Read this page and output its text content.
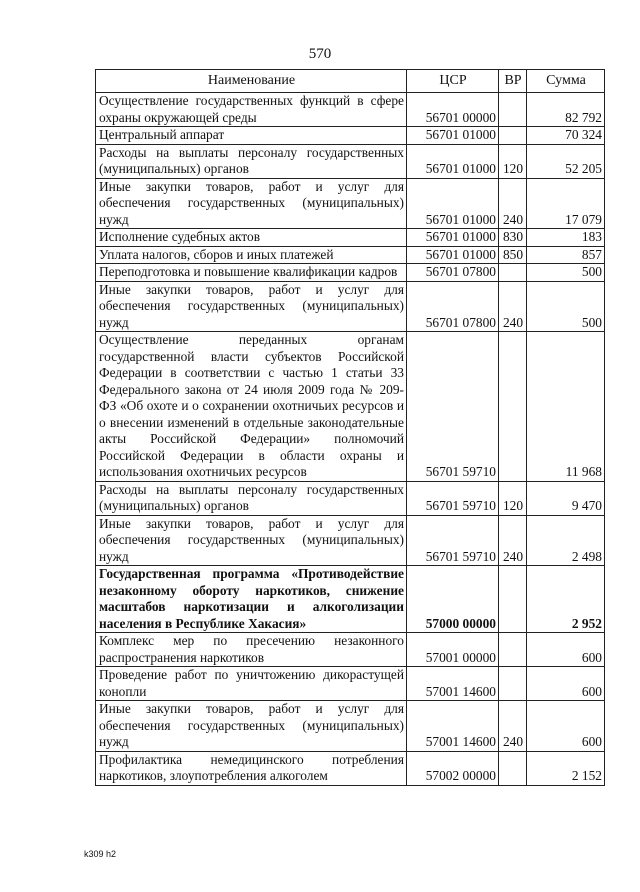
570
Наименование	ЦСР	ВР	Сумма
Осуществление государственных функций в сфере охраны окружающей среды	56701 00000		82 792
Центральный аппарат	56701 01000		70 324
Расходы на выплаты персоналу государственных (муниципальных) органов	56701 01000	120	52 205
Иные закупки товаров, работ и услуг для обеспечения государственных (муниципальных) нужд	56701 01000	240	17 079
Исполнение судебных актов	56701 01000	830	183
Уплата налогов, сборов и иных платежей	56701 01000	850	857
Переподготовка и повышение квалификации кадров	56701 07800		500
Иные закупки товаров, работ и услуг для обеспечения государственных (муниципальных) нужд	56701 07800	240	500
Осуществление переданных органам государственной власти субъектов Российской Федерации в соответствии с частью 1 статьи 33 Федерального закона от 24 июля 2009 года № 209-ФЗ «Об охоте и о сохранении охотничьих ресурсов и о внесении изменений в отдельные законодательные акты Российской Федерации» полномочий Российской Федерации в области охраны и использования охотничьих ресурсов	56701 59710		11 968
Расходы на выплаты персоналу государственных (муниципальных) органов	56701 59710	120	9 470
Иные закупки товаров, работ и услуг для обеспечения государственных (муниципальных) нужд	56701 59710	240	2 498
Государственная программа «Противодействие незаконному обороту наркотиков, снижение масштабов наркотизации и алкоголизации населения в Республике Хакасия»	57000 00000		2 952
Комплекс мер по пресечению незаконного распространения наркотиков	57001 00000		600
Проведение работ по уничтожению дикорастущей конопли	57001 14600		600
Иные закупки товаров, работ и услуг для обеспечения государственных (муниципальных) нужд	57001 14600	240	600
Профилактика немедицинского потребления наркотиков, злоупотребления алкоголем	57002 00000		2 152
k309 h2
